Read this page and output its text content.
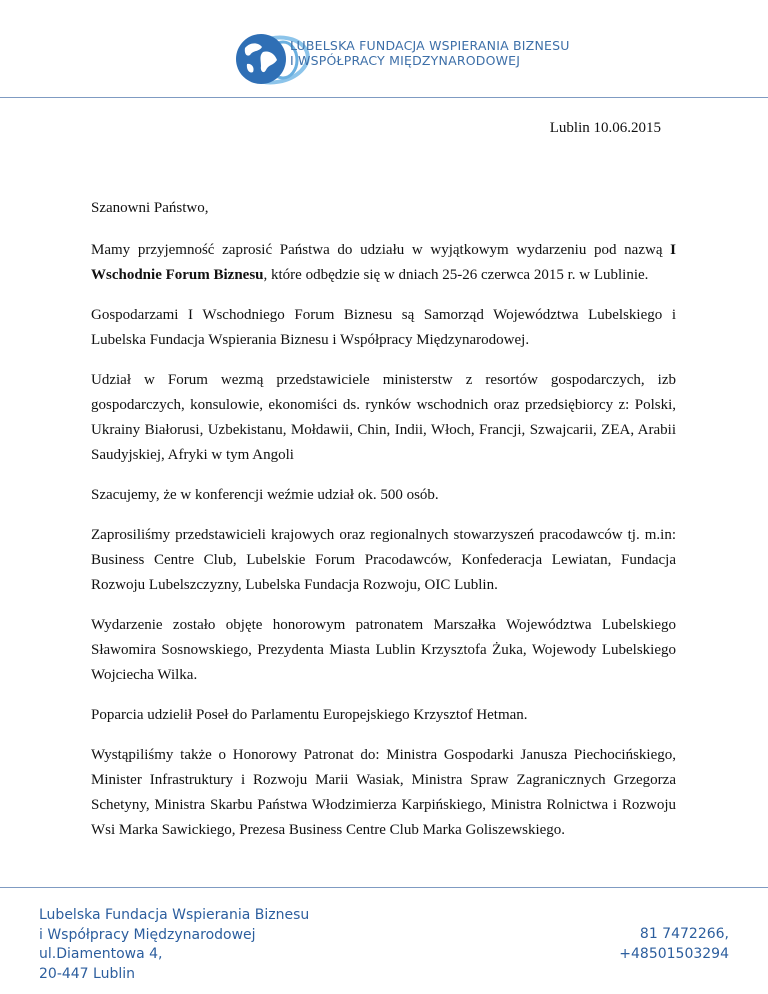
LUBELSKA FUNDACJA WSPIERANIA BIZNESU
I WSPÓŁPRACY MIĘDZYNARODOWEJ
Lublin 10.06.2015

Szanowni Państwo,

Mamy przyjemność zaprosić Państwa do udziału w wyjątkowym wydarzeniu pod nazwą I Wschodnie Forum Biznesu, które odbędzie się w dniach 25-26 czerwca 2015 r. w Lublinie.

Gospodarzami I Wschodniego Forum Biznesu są Samorząd Województwa Lubelskiego i Lubelska Fundacja Wspierania Biznesu i Współpracy Międzynarodowej.

Udział w Forum wezmą przedstawiciele ministerstw z resortów gospodarczych, izb gospodarczych, konsulowie, ekonomiści ds. rynków wschodnich oraz przedsiębiorcy z: Polski, Ukrainy Białorusi, Uzbekistanu, Mołdawii, Chin, Indii, Włoch, Francji, Szwajcarii, ZEA, Arabii Saudyjskiej, Afryki w tym Angoli

Szacujemy, że w konferencji weźmie udział ok. 500 osób.

Zaprosiliśmy przedstawicieli krajowych oraz regionalnych stowarzyszeń pracodawców tj. m.in: Business Centre Club, Lubelskie Forum Pracodawców, Konfederacja Lewiatan, Fundacja Rozwoju Lubelszczyzny, Lubelska Fundacja Rozwoju, OIC Lublin.

Wydarzenie zostało objęte honorowym patronatem Marszałka Województwa Lubelskiego Sławomira Sosnowskiego, Prezydenta Miasta Lublin Krzysztofa Żuka, Wojewody Lubelskiego Wojciecha Wilka.

Poparcia udzielił Poseł do Parlamentu Europejskiego Krzysztof Hetman.

Wystąpiliśmy także o Honorowy Patronat do: Ministra Gospodarki Janusza Piechocińskiego, Minister Infrastruktury i Rozwoju Marii Wasiak, Ministra Spraw Zagranicznych Grzegorza Schetyny, Ministra Skarbu Państwa Włodzimierza Karpińskiego, Ministra Rolnictwa i Rozwoju Wsi Marka Sawickiego, Prezesa Business Centre Club Marka Goliszewskiego.

Lubelska Fundacja Wspierania Biznesu
i Współpracy Międzynarodowej
ul.Diamentowa 4,
20-447 Lublin
81 7472266,
+48501503294
